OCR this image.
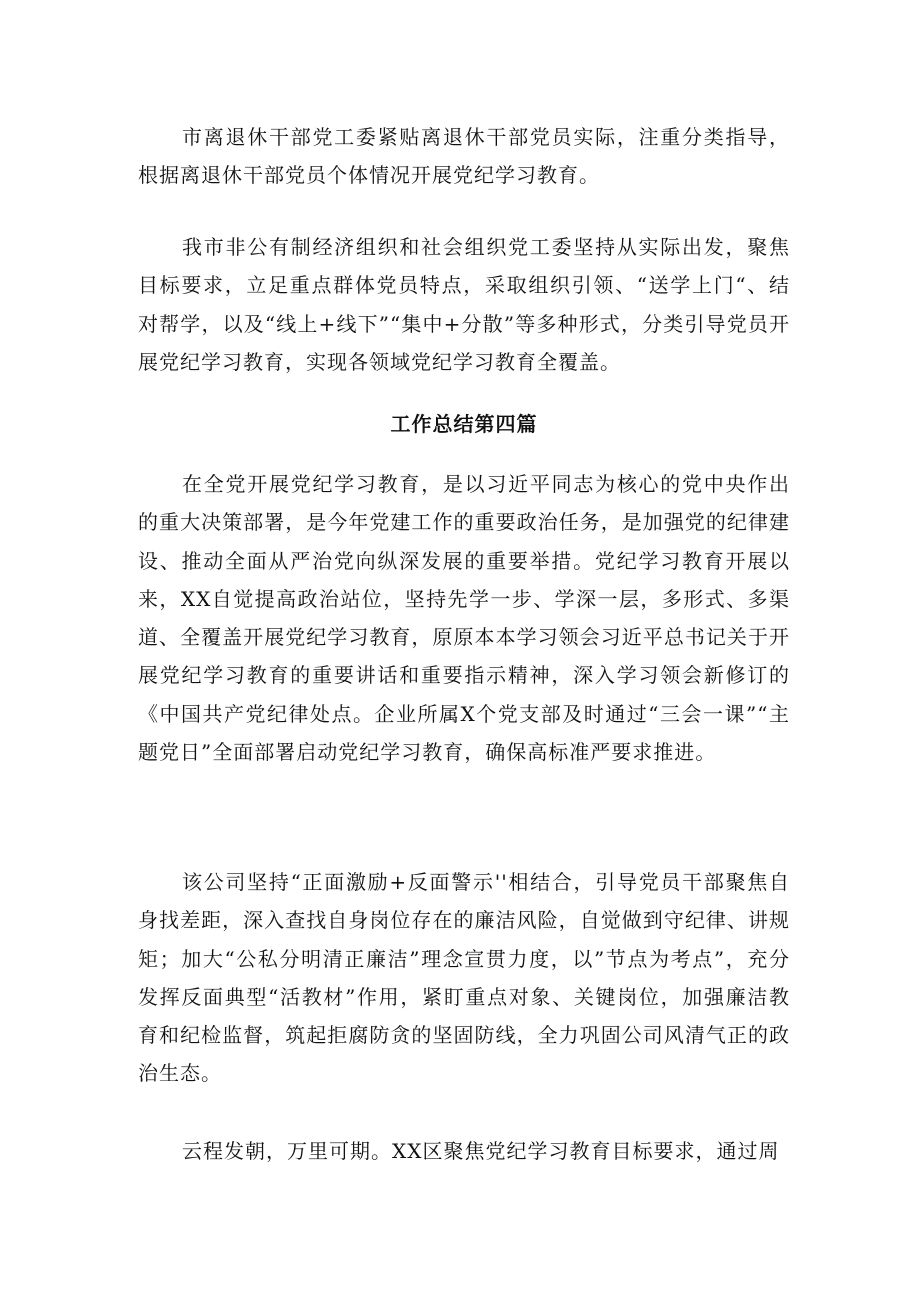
市离退休干部党工委紧贴离退休干部党员实际，注重分类指导，根据离退休干部党员个体情况开展党纪学习教育。

我市非公有制经济组织和社会组织党工委坚持从实际出发，聚焦目标要求，立足重点群体党员特点，采取组织引领、“送学上门“、结对帮学，以及“线上+线下”“集中+分散”等多种形式，分类引导党员开展党纪学习教育，实现各领域党纪学习教育全覆盖。

工作总结第四篇

在全党开展党纪学习教育，是以习近平同志为核心的党中央作出的重大决策部署，是今年党建工作的重要政治任务，是加强党的纪律建设、推动全面从严治党向纵深发展的重要举措。党纪学习教育开展以来，XX自觉提高政治站位，坚持先学一步、学深一层，多形式、多渠道、全覆盖开展党纪学习教育，原原本本学习领会习近平总书记关于开展党纪学习教育的重要讲话和重要指示精神，深入学习领会新修订的《中国共产党纪律处点。企业所属X个党支部及时通过“三会一课”“主题党日”全面部署启动党纪学习教育，确保高标准严要求推进。

该公司坚持“正面激励+反面警示''相结合，引导党员干部聚焦自身找差距，深入查找自身岗位存在的廉洁风险，自觉做到守纪律、讲规矩；加大“公私分明清正廉洁”理念宣贯力度，以”节点为考点”，充分发挥反面典型“活教材”作用，紧盯重点对象、关键岗位，加强廉洁教育和纪检监督，筑起拒腐防贪的坚固防线，全力巩固公司风清气正的政治生态。

云程发朝，万里可期。XX区聚焦党纪学习教育目标要求，通过周
